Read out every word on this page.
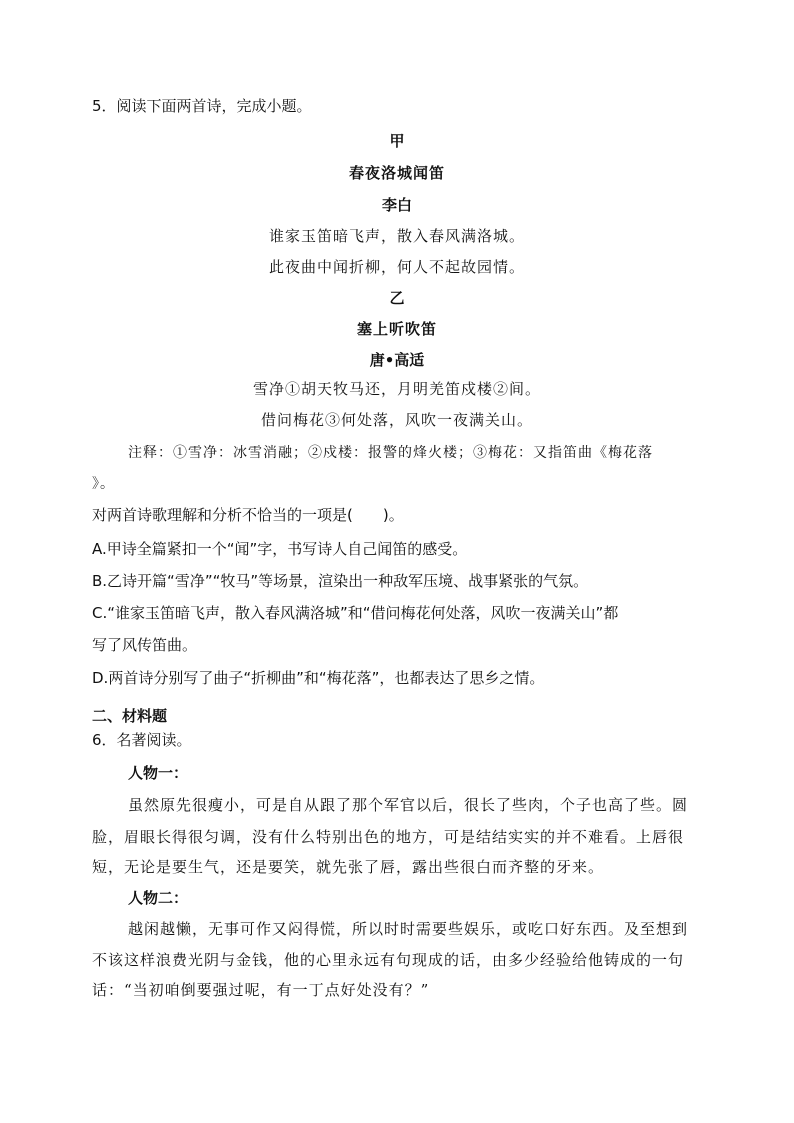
5．阅读下面两首诗，完成小题。
甲
春夜洛城闻笛
李白
谁家玉笛暗飞声，散入春风满洛城。
此夜曲中闻折柳，何人不起故园情。
乙
塞上听吹笛
唐•高适
雪净①胡天牧马还，月明羌笛戍楼②间。
借问梅花③何处落，风吹一夜满关山。
注释：①雪净：冰雪消融；②戍楼：报警的烽火楼；③梅花：又指笛曲《梅花落
》。
对两首诗歌理解和分析不恰当的一项是(　　)。
A.甲诗全篇紧扣一个“闻”字，书写诗人自己闻笛的感受。
B.乙诗开篇“雪净”“牧马”等场景，渲染出一种敌军压境、战事紧张的气氛。
C.“谁家玉笛暗飞声，散入春风满洛城”和“借问梅花何处落，风吹一夜满关山”都
写了风传笛曲。
D.两首诗分别写了曲子“折柳曲”和“梅花落”，也都表达了思乡之情。
二、材料题
6．名著阅读。
人物一：
虽然原先很瘦小，可是自从跟了那个军官以后，很长了些肉，个子也高了些。圆
脸，眉眼长得很匀调，没有什么特别出色的地方，可是结结实实的并不难看。上唇很
短，无论是要生气，还是要笑，就先张了唇，露出些很白而齐整的牙来。
人物二：
越闲越懒，无事可作又闷得慌，所以时时需要些娱乐，或吃口好东西。及至想到
不该这样浪费光阴与金钱，他的心里永远有句现成的话，由多少经验给他铸成的一句
话：“当初咱倒要强过呢，有一丁点好处没有？”
